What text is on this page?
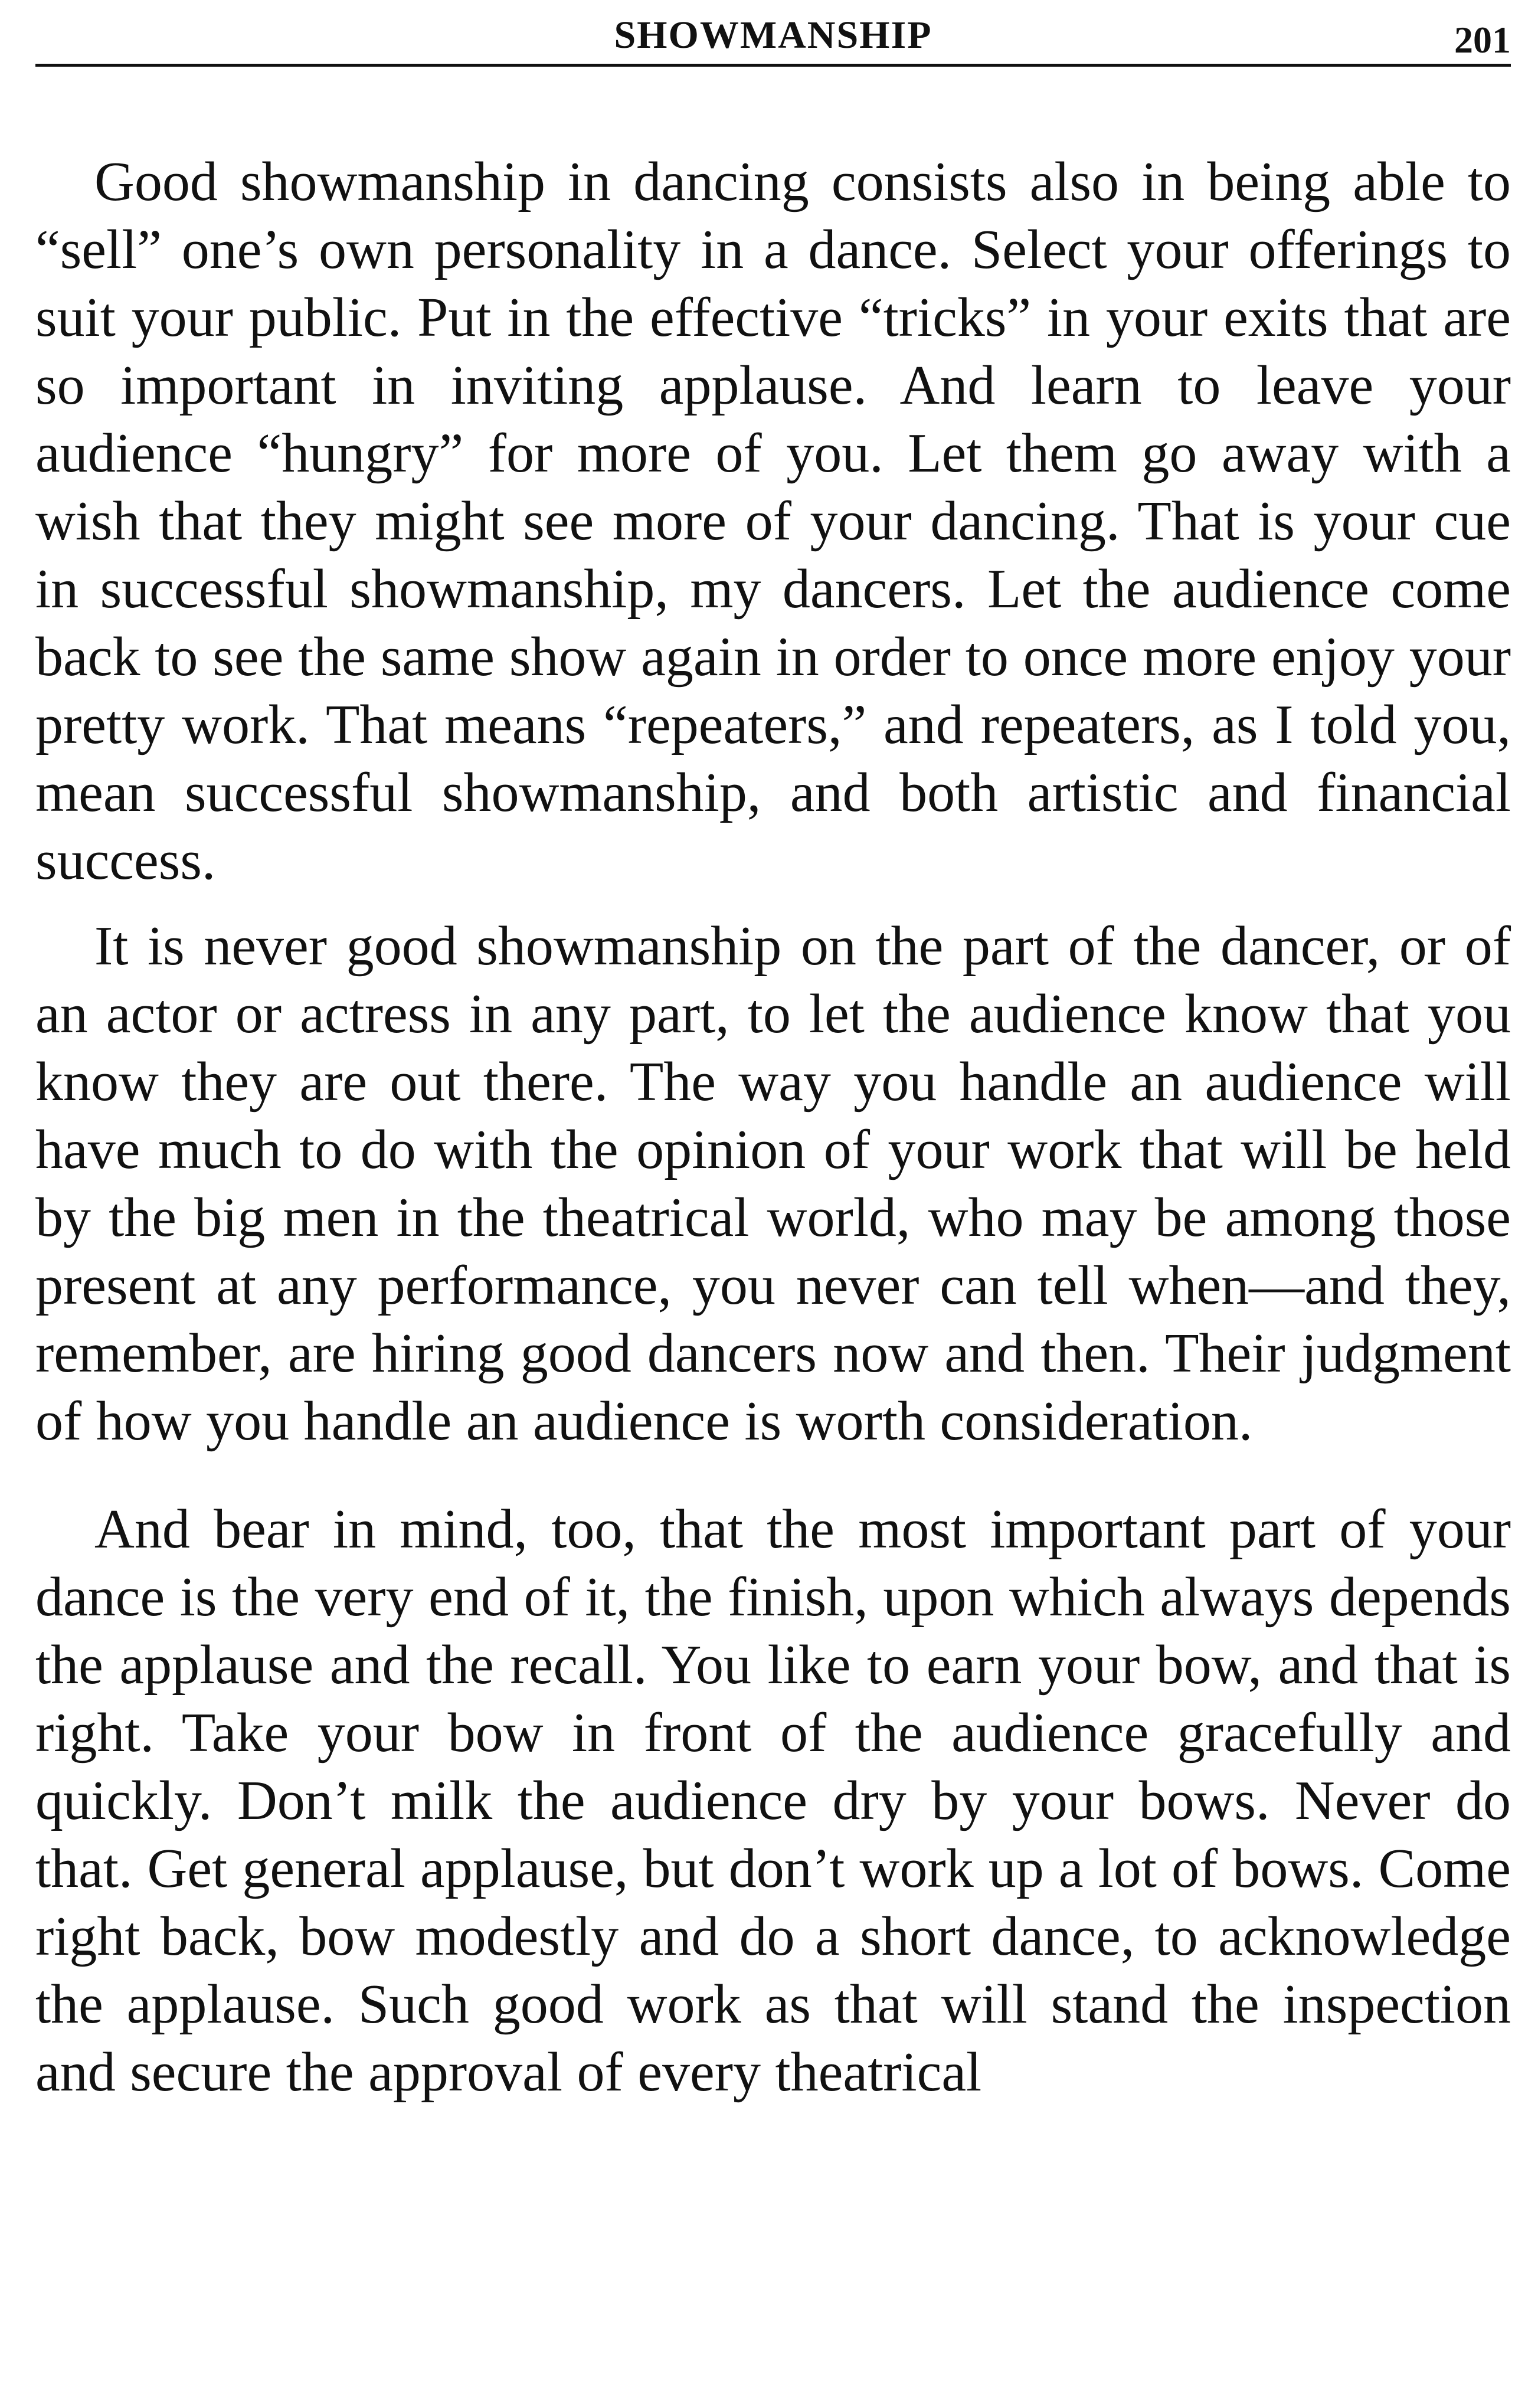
SHOWMANSHIP	201

Good showmanship in dancing consists also in being able to “sell” one’s own personality in a dance. Select your offerings to suit your public. Put in the effective “tricks” in your exits that are so important in inviting applause. And learn to leave your audience “hungry” for more of you. Let them go away with a wish that they might see more of your dancing. That is your cue in successful showmanship, my dancers. Let the audience come back to see the same show again in order to once more enjoy your pretty work. That means “repeaters,” and repeaters, as I told you, mean successful showmanship, and both artistic and financial success.

It is never good showmanship on the part of the dancer, or of an actor or actress in any part, to let the audience know that you know they are out there. The way you handle an audience will have much to do with the opinion of your work that will be held by the big men in the theatrical world, who may be among those present at any performance, you never can tell when—and they, remember, are hiring good dancers now and then. Their judgment of how you handle an audience is worth consideration.

And bear in mind, too, that the most important part of your dance is the very end of it, the finish, upon which always depends the applause and the recall. You like to earn your bow, and that is right. Take your bow in front of the audience gracefully and quickly. Don’t milk the audience dry by your bows. Never do that. Get general applause, but don’t work up a lot of bows. Come right back, bow modestly and do a short dance, to acknowledge the applause. Such good work as that will stand the inspection and secure the approval of every theatrical
